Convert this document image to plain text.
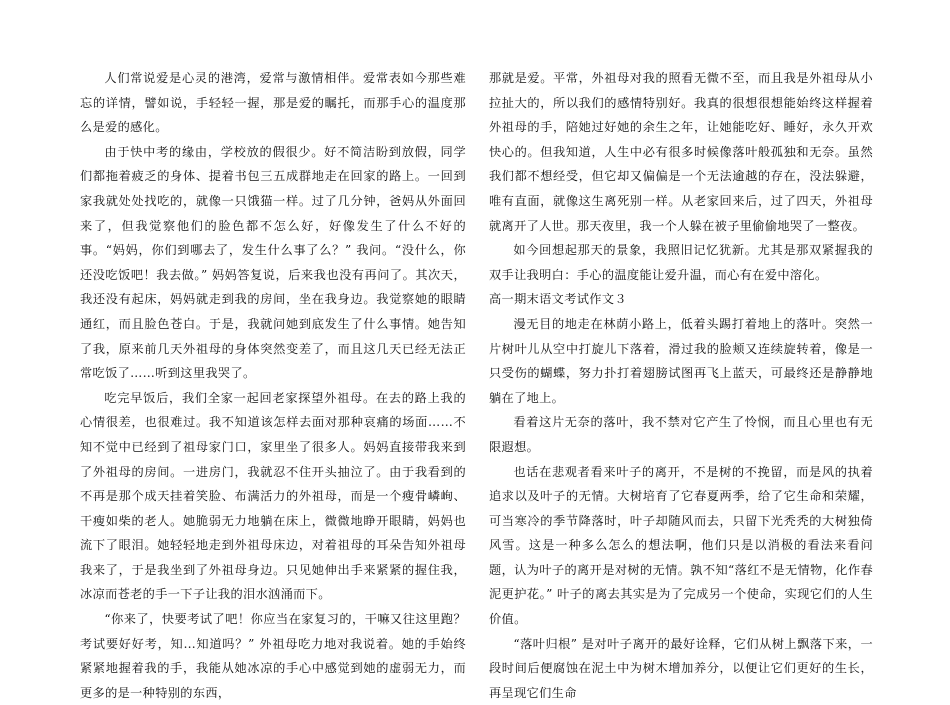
人们常说爱是心灵的港湾，爱常与激情相伴。爱常表如今那些难忘的详情，譬如说，手轻轻一握，那是爱的瞩托，而那手心的温度那么是爱的感化。

由于快中考的缘由，学校放的假很少。好不简洁盼到放假，同学们都拖着疲乏的身体、提着书包三五成群地走在回家的路上。一回到家我就处处找吃的，就像一只饿猫一样。过了几分钟，爸妈从外面回来了，但我觉察他们的脸色都不怎么好，好像发生了什么不好的事。“妈妈，你们到哪去了，发生什么事了么？” 我问。“没什么，你还没吃饭吧！我去做。” 妈妈答复说，后来我也没有再问了。其次天，我还没有起床，妈妈就走到我的房间，坐在我身边。我觉察她的眼睛通红，而且脸色苍白。于是，我就问她到底发生了什么事情。她告知了我，原来前几天外祖母的身体突然变差了，而且这几天已经无法正常吃饭了……听到这里我哭了。

吃完早饭后，我们全家一起回老家探望外祖母。在去的路上我的心情很差，也很难过。我不知道该怎样去面对那种哀痛的场面……不知不觉中已经到了祖母家门口，家里坐了很多人。妈妈直接带我来到了外祖母的房间。一进房门，我就忍不住开头抽泣了。由于我看到的不再是那个成天挂着笑脸、布满活力的外祖母，而是一个瘦骨嶙峋、干瘦如柴的老人。她脆弱无力地躺在床上，微微地睁开眼睛，妈妈也流下了眼泪。她轻轻地走到外祖母床边，对着祖母的耳朵告知外祖母我来了，于是我坐到了外祖母身边。只见她伸出手来紧紧的握住我，冰凉而苍老的手一下子让我的泪水汹涌而下。

“你来了，快要考试了吧！你应当在家复习的，干嘛又往这里跑？考试要好好考，知…知道吗？” 外祖母吃力地对我说着。她的手始终紧紧地握着我的手，我能从她冰凉的手心中感觉到她的虚弱无力，而更多的是一种特别的东西，

那就是爱。平常，外祖母对我的照看无微不至，而且我是外祖母从小拉扯大的，所以我们的感情特别好。我真的很想很想能始终这样握着外祖母的手，陪她过好她的余生之年，让她能吃好、睡好，永久开欢快心的。但我知道，人生中必有很多时候像落叶般孤独和无奈。虽然我们都不想经受，但它却又偏偏是一个无法逾越的存在，没法躲避，唯有直面，就像这生离死别一样。从老家回来后，过了四天，外祖母就离开了人世。那天夜里，我一个人躲在被子里偷偷地哭了一整夜。

如今回想起那天的景象，我照旧记忆犹新。尤其是那双紧握我的双手让我明白：手心的温度能让爱升温，而心有在爱中溶化。

高一期末语文考试作文３

漫无目的地走在林荫小路上，低着头踢打着地上的落叶。突然一片树叶儿从空中打旋儿下落着，滑过我的脸颊又连续旋转着，像是一只受伤的蝴蝶，努力扑打着翅膀试图再飞上蓝天，可最终还是静静地躺在了地上。

看着这片无奈的落叶，我不禁对它产生了怜悯，而且心里也有无限遐想。

也话在悲观者看来叶子的离开，不是树的不挽留，而是风的执着追求以及叶子的无情。大树培育了它春夏两季，给了它生命和荣耀，可当寒冷的季节降落时，叶子却随风而去，只留下光秃秃的大树独倚风雪。这是一种多么怎么的想法啊，他们只是以消极的看法来看问题，认为叶子的离开是对树的无情。孰不知“落红不是无情物，化作春泥更护花。” 叶子的离去其实是为了完成另一个使命，实现它们的人生价值。

“落叶归根” 是对叶子离开的最好诠释，它们从树上飘落下来，一段时间后便腐蚀在泥土中为树木增加养分，以便让它们更好的生长，再呈现它们生命
